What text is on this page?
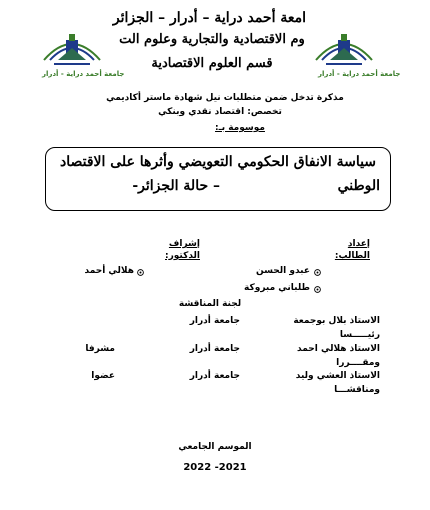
جامعة أحمد دراية - أدرار	جامعة أحمد دراية - أدرار
امعة أحمد دراية – أدرار – الجزائر
وم الاقتصادية والتجارية وعلوم الت
قسم العلوم الاقتصادية
مذكرة تدخل ضمن متطلبات نيل شهادة ماستر أكاديمي
تخصص: اقتصاد نقدي وبنكي
موسومة بـ:
سياسة الانفاق الحكومي التعويضي وأثرها على الاقتصاد
الوطني
– حالة الجزائر-
إعداد
الطالب:
عبدو الحسن
طلباني مبروكة
إشراف
الدكتور:
هلالي أحمد
لجنة المناقشة
الاستاذ بلال بوجمعة
جامعة أدرار
رئيـــــسا
الاستاذ هلالي احمد
جامعة أدرار
مشرفا
ومقــــررا
الاستاذ العشي وليد
جامعة أدرار
عضوا
ومناقشـــا
الموسم الجامعي
2022 -2021
